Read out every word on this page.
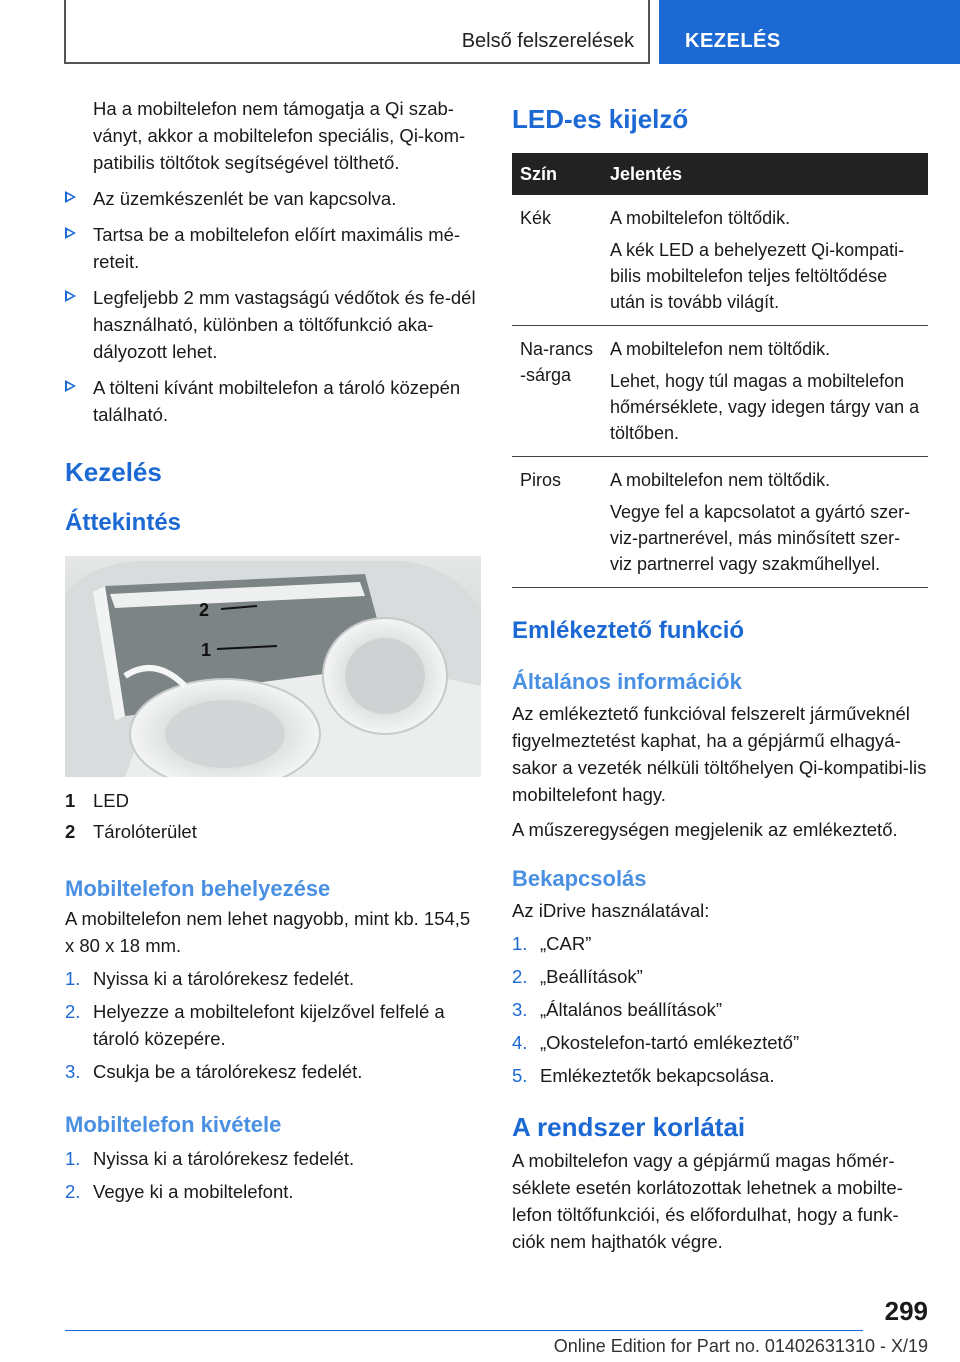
Belső felszerelések	KEZELÉS

Ha a mobiltelefon nem támogatja a Qi szab-ványt, akkor a mobiltelefon speciális, Qi-kom-patibilis töltőtok segítségével tölthető.

Az üzemkészenlét be van kapcsolva.
Tartsa be a mobiltelefon előírt maximális mé-reteit.
Legfeljebb 2 mm vastagságú védőtok és fe-dél használható, különben a töltőfunkció aka-dályozott lehet.
A tölteni kívánt mobiltelefon a tároló közepén található.
Kezelés
Áttekintés
2
1
1 LED
2 Tárolóterület
Mobiltelefon behelyezése

A mobiltelefon nem lehet nagyobb, mint kb. 154,5 x 80 x 18 mm.

1. Nyissa ki a tárolórekesz fedelét.
2. Helyezze a mobiltelefont kijelzővel felfelé a tároló közepére.
3. Csukja be a tárolórekesz fedelét.
Mobiltelefon kivétele
1. Nyissa ki a tárolórekesz fedelét.
2. Vegye ki a mobiltelefont.
LED-es kijelző
Szín	Jelentés
Kék	A mobiltelefon töltődik.

A kék LED a behelyezett Qi-kompati-bilis mobiltelefon teljes feltöltődése után is tovább világít.

Na-rancs-sárga	A mobiltelefon nem töltődik.

Lehet, hogy túl magas a mobiltelefon hőmérséklete, vagy idegen tárgy van a töltőben.

Piros	A mobiltelefon nem töltődik.

Vegye fel a kapcsolatot a gyártó szer-viz-partnerével, más minősített szer-viz partnerrel vagy szakműhellyel.

Emlékeztető funkció
Általános információk

Az emlékeztető funkcióval felszerelt járműveknél figyelmeztetést kaphat, ha a gépjármű elhagyá-sakor a vezeték nélküli töltőhelyen Qi-kompatibi-lis mobiltelefont hagy.

A műszeregységen megjelenik az emlékeztető.

Bekapcsolás

Az iDrive használatával:

1. „CAR”
2. „Beállítások”
3. „Általános beállítások”
4. „Okostelefon-tartó emlékeztető”
5. Emlékeztetők bekapcsolása.
A rendszer korlátai

A mobiltelefon vagy a gépjármű magas hőmér-séklete esetén korlátozottak lehetnek a mobilte-lefon töltőfunkciói, és előfordulhat, hogy a funk-ciók nem hajthatók végre.

299
Online Edition for Part no. 01402631310 - X/19
